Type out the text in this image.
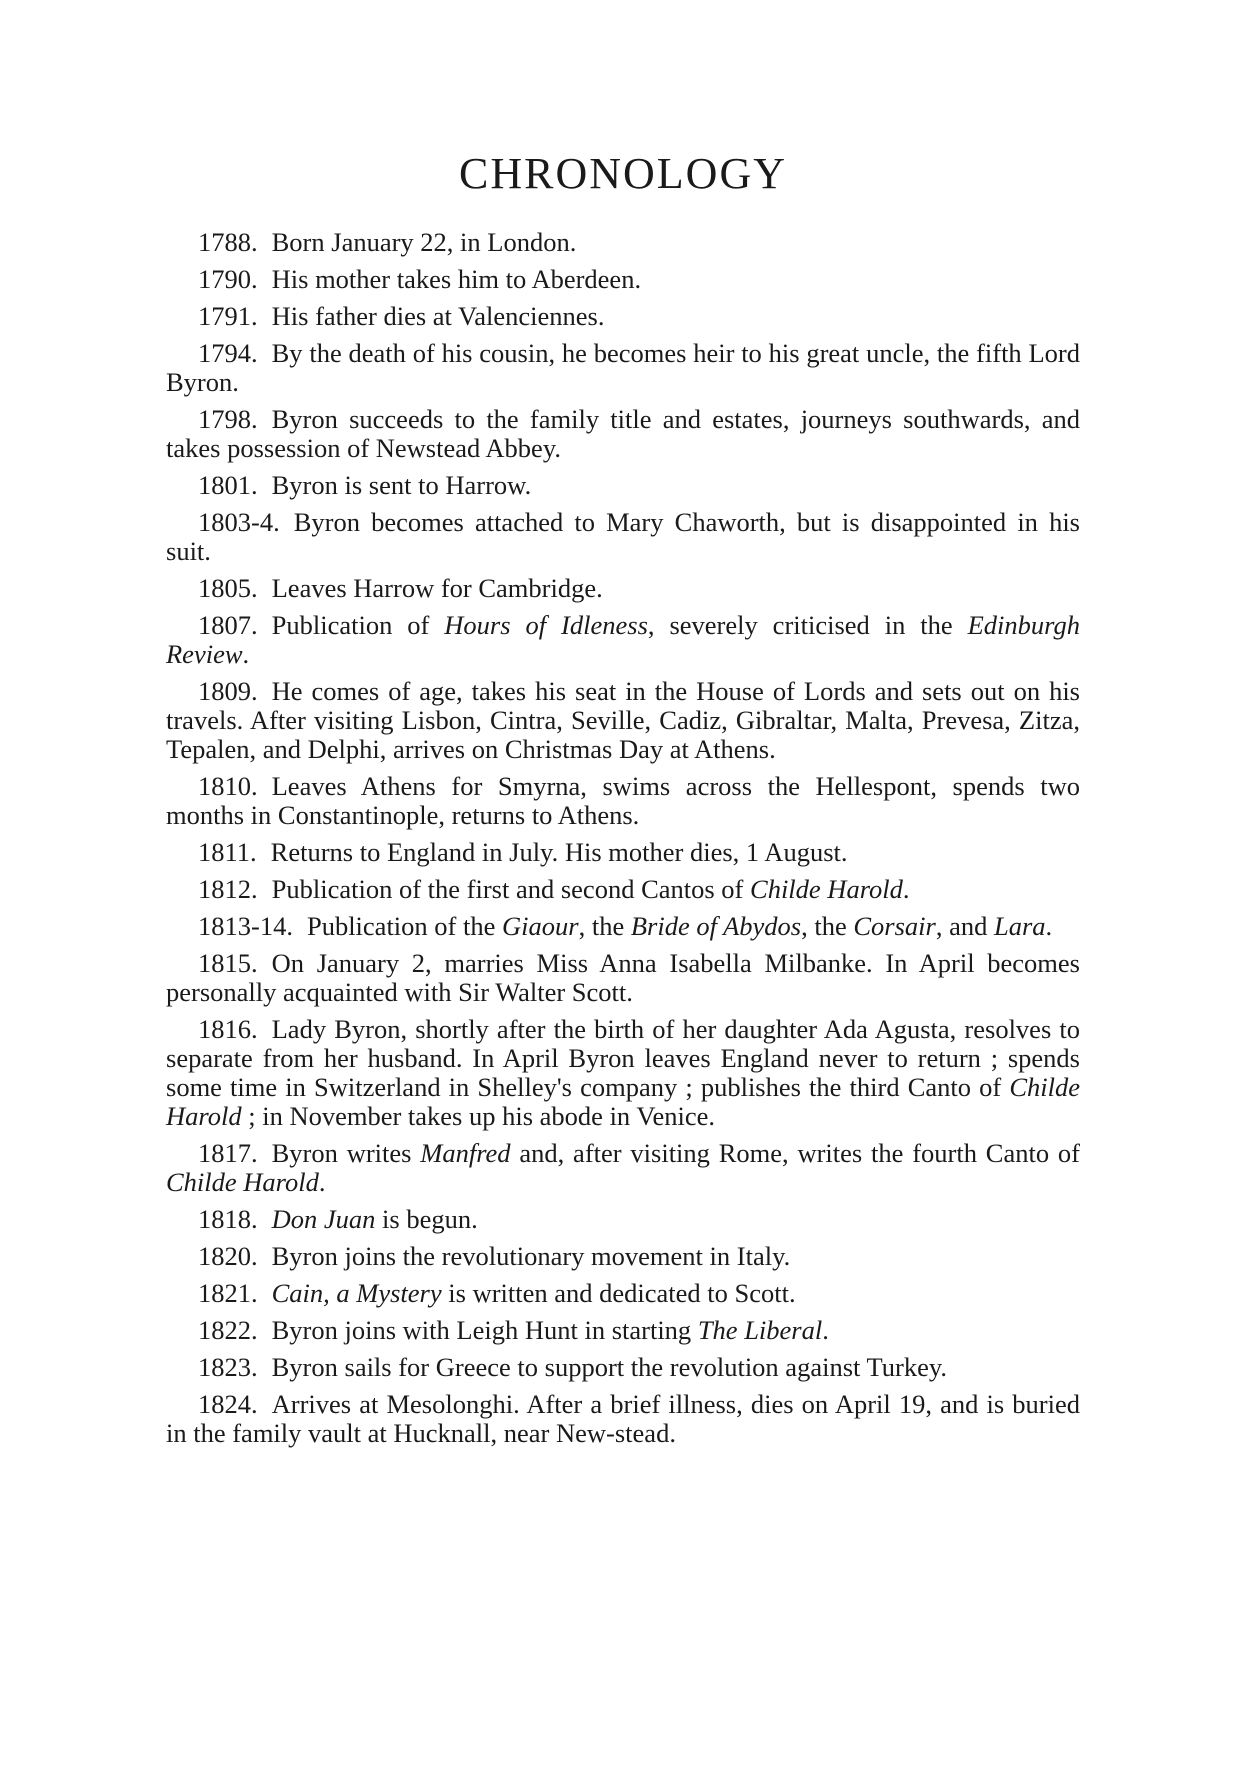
CHRONOLOGY

1788. Born January 22, in London.

1790. His mother takes him to Aberdeen.

1791. His father dies at Valenciennes.

1794. By the death of his cousin, he becomes heir to his great uncle, the fifth Lord Byron.

1798. Byron succeeds to the family title and estates, journeys southwards, and takes possession of Newstead Abbey.

1801. Byron is sent to Harrow.

1803-4. Byron becomes attached to Mary Chaworth, but is disappointed in his suit.

1805. Leaves Harrow for Cambridge.

1807. Publication of Hours of Idleness, severely criticised in the Edinburgh Review.

1809. He comes of age, takes his seat in the House of Lords and sets out on his travels. After visiting Lisbon, Cintra, Seville, Cadiz, Gibraltar, Malta, Prevesa, Zitza, Tepalen, and Delphi, arrives on Christmas Day at Athens.

1810. Leaves Athens for Smyrna, swims across the Hellespont, spends two months in Constantinople, returns to Athens.

1811. Returns to England in July. His mother dies, 1 August.

1812. Publication of the first and second Cantos of Childe Harold.

1813-14. Publication of the Giaour, the Bride of Abydos, the Corsair, and Lara.

1815. On January 2, marries Miss Anna Isabella Milbanke. In April becomes personally acquainted with Sir Walter Scott.

1816. Lady Byron, shortly after the birth of her daughter Ada Agusta, resolves to separate from her husband. In April Byron leaves England never to return ; spends some time in Switzerland in Shelley's company ; publishes the third Canto of Childe Harold ; in November takes up his abode in Venice.

1817. Byron writes Manfred and, after visiting Rome, writes the fourth Canto of Childe Harold.

1818. Don Juan is begun.

1820. Byron joins the revolutionary movement in Italy.

1821. Cain, a Mystery is written and dedicated to Scott.

1822. Byron joins with Leigh Hunt in starting The Liberal.

1823. Byron sails for Greece to support the revolution against Turkey.

1824. Arrives at Mesolonghi. After a brief illness, dies on April 19, and is buried in the family vault at Hucknall, near New-stead.
